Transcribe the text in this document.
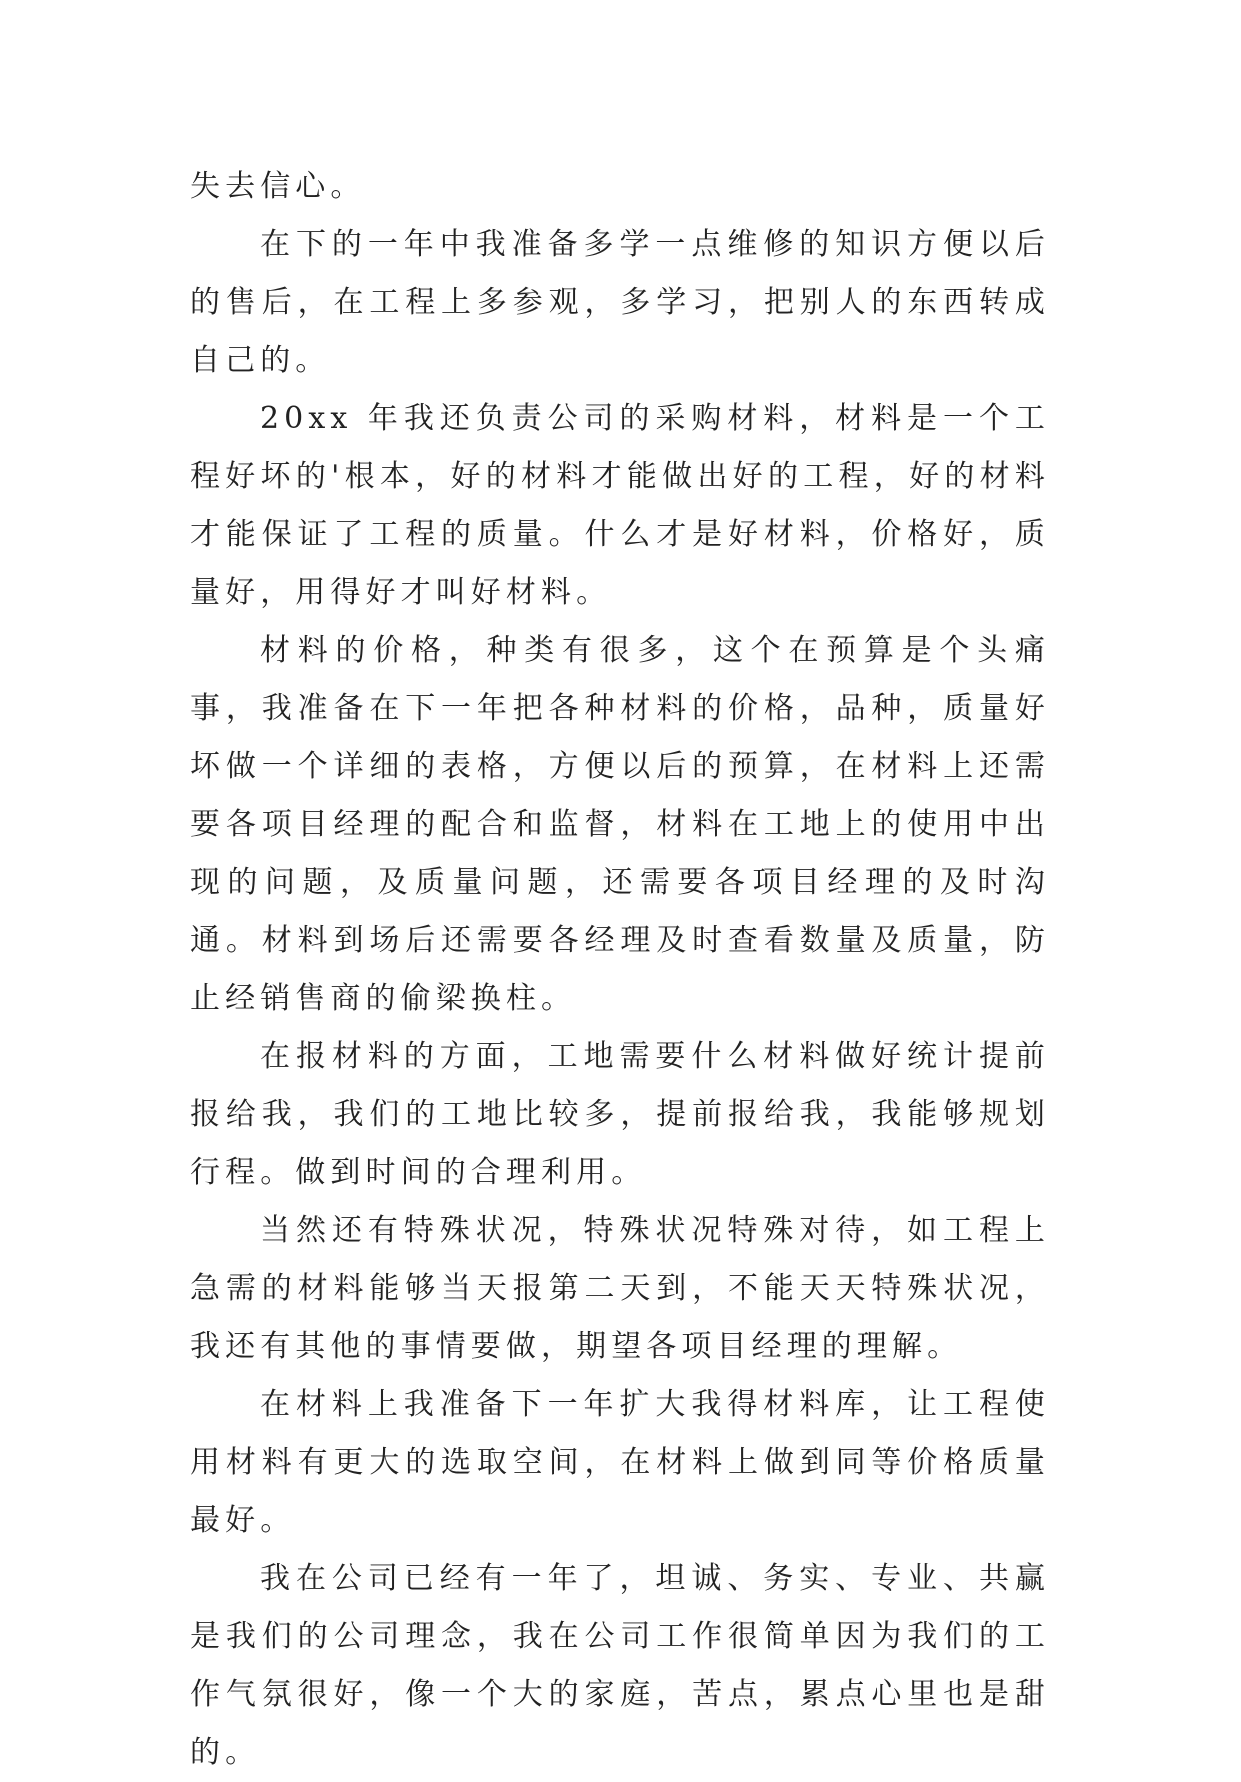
失去信心。

在下的一年中我准备多学一点维修的知识方便以后的售后，在工程上多参观，多学习，把别人的东西转成自己的。

20xx 年我还负责公司的采购材料，材料是一个工程好坏的'根本，好的材料才能做出好的工程，好的材料才能保证了工程的质量。什么才是好材料，价格好，质量好，用得好才叫好材料。

材料的价格，种类有很多，这个在预算是个头痛事，我准备在下一年把各种材料的价格，品种，质量好坏做一个详细的表格，方便以后的预算，在材料上还需要各项目经理的配合和监督，材料在工地上的使用中出现的问题，及质量问题，还需要各项目经理的及时沟通。材料到场后还需要各经理及时查看数量及质量，防止经销售商的偷梁换柱。

在报材料的方面，工地需要什么材料做好统计提前报给我，我们的工地比较多，提前报给我，我能够规划行程。做到时间的合理利用。

当然还有特殊状况，特殊状况特殊对待，如工程上急需的材料能够当天报第二天到，不能天天特殊状况，我还有其他的事情要做，期望各项目经理的理解。

在材料上我准备下一年扩大我得材料库，让工程使用材料有更大的选取空间，在材料上做到同等价格质量最好。

我在公司已经有一年了，坦诚、务实、专业、共赢是我们的公司理念，我在公司工作很简单因为我们的工作气氛很好，像一个大的家庭，苦点，累点心里也是甜的。
